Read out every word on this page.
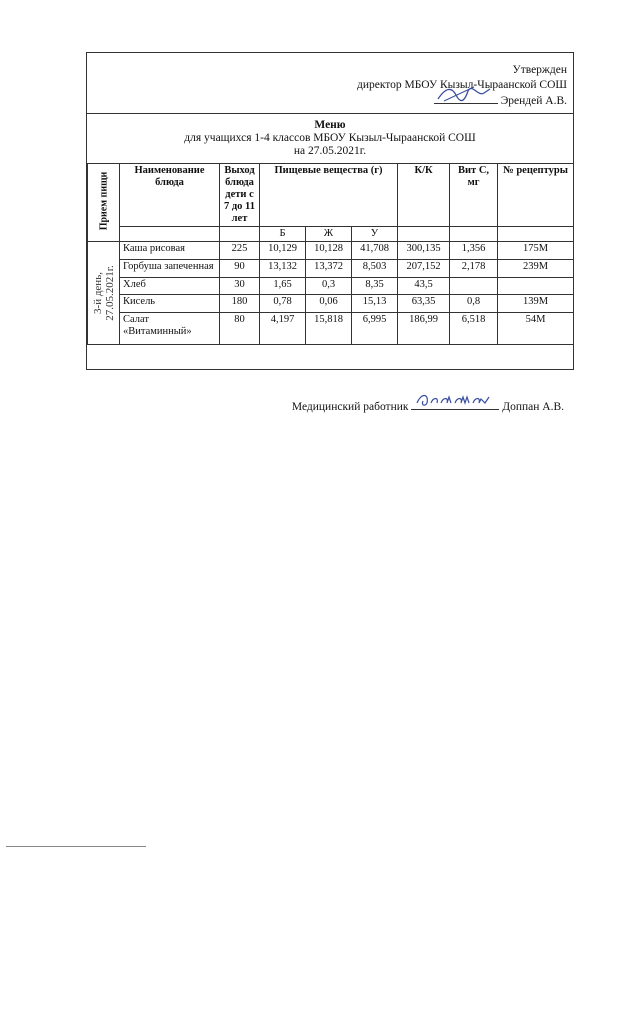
Утвержден
директор МБОУ Кызыл-Чыраанской СОШ
Эрендей А.В.
Меню
для учащихся 1-4 классов МБОУ Кызыл-Чыраанской СОШ
на 27.05.2021г.
Прием пищи	Наименование блюда	Выход блюда дети с 7 до 11 лет	Пищевые вещества (г)			К/К	Вит С, мг	№ рецептуры
			Б	Ж	У			

3-й день, 27.05.2021г.	Каша рисовая	225	10,129	10,128	41,708	300,135	1,356	175М
	Горбуша запеченная	90	13,132	13,372	8,503	207,152	2,178	239М
	Хлеб	30	1,65	0,3	8,35	43,5		
	Кисель	180	0,78	0,06	15,13	63,35	0,8	139М
	Салат «Витаминный»	80	4,197	15,818	6,995	186,99	6,518	54М
Медицинский работник	Доппан А.В.
